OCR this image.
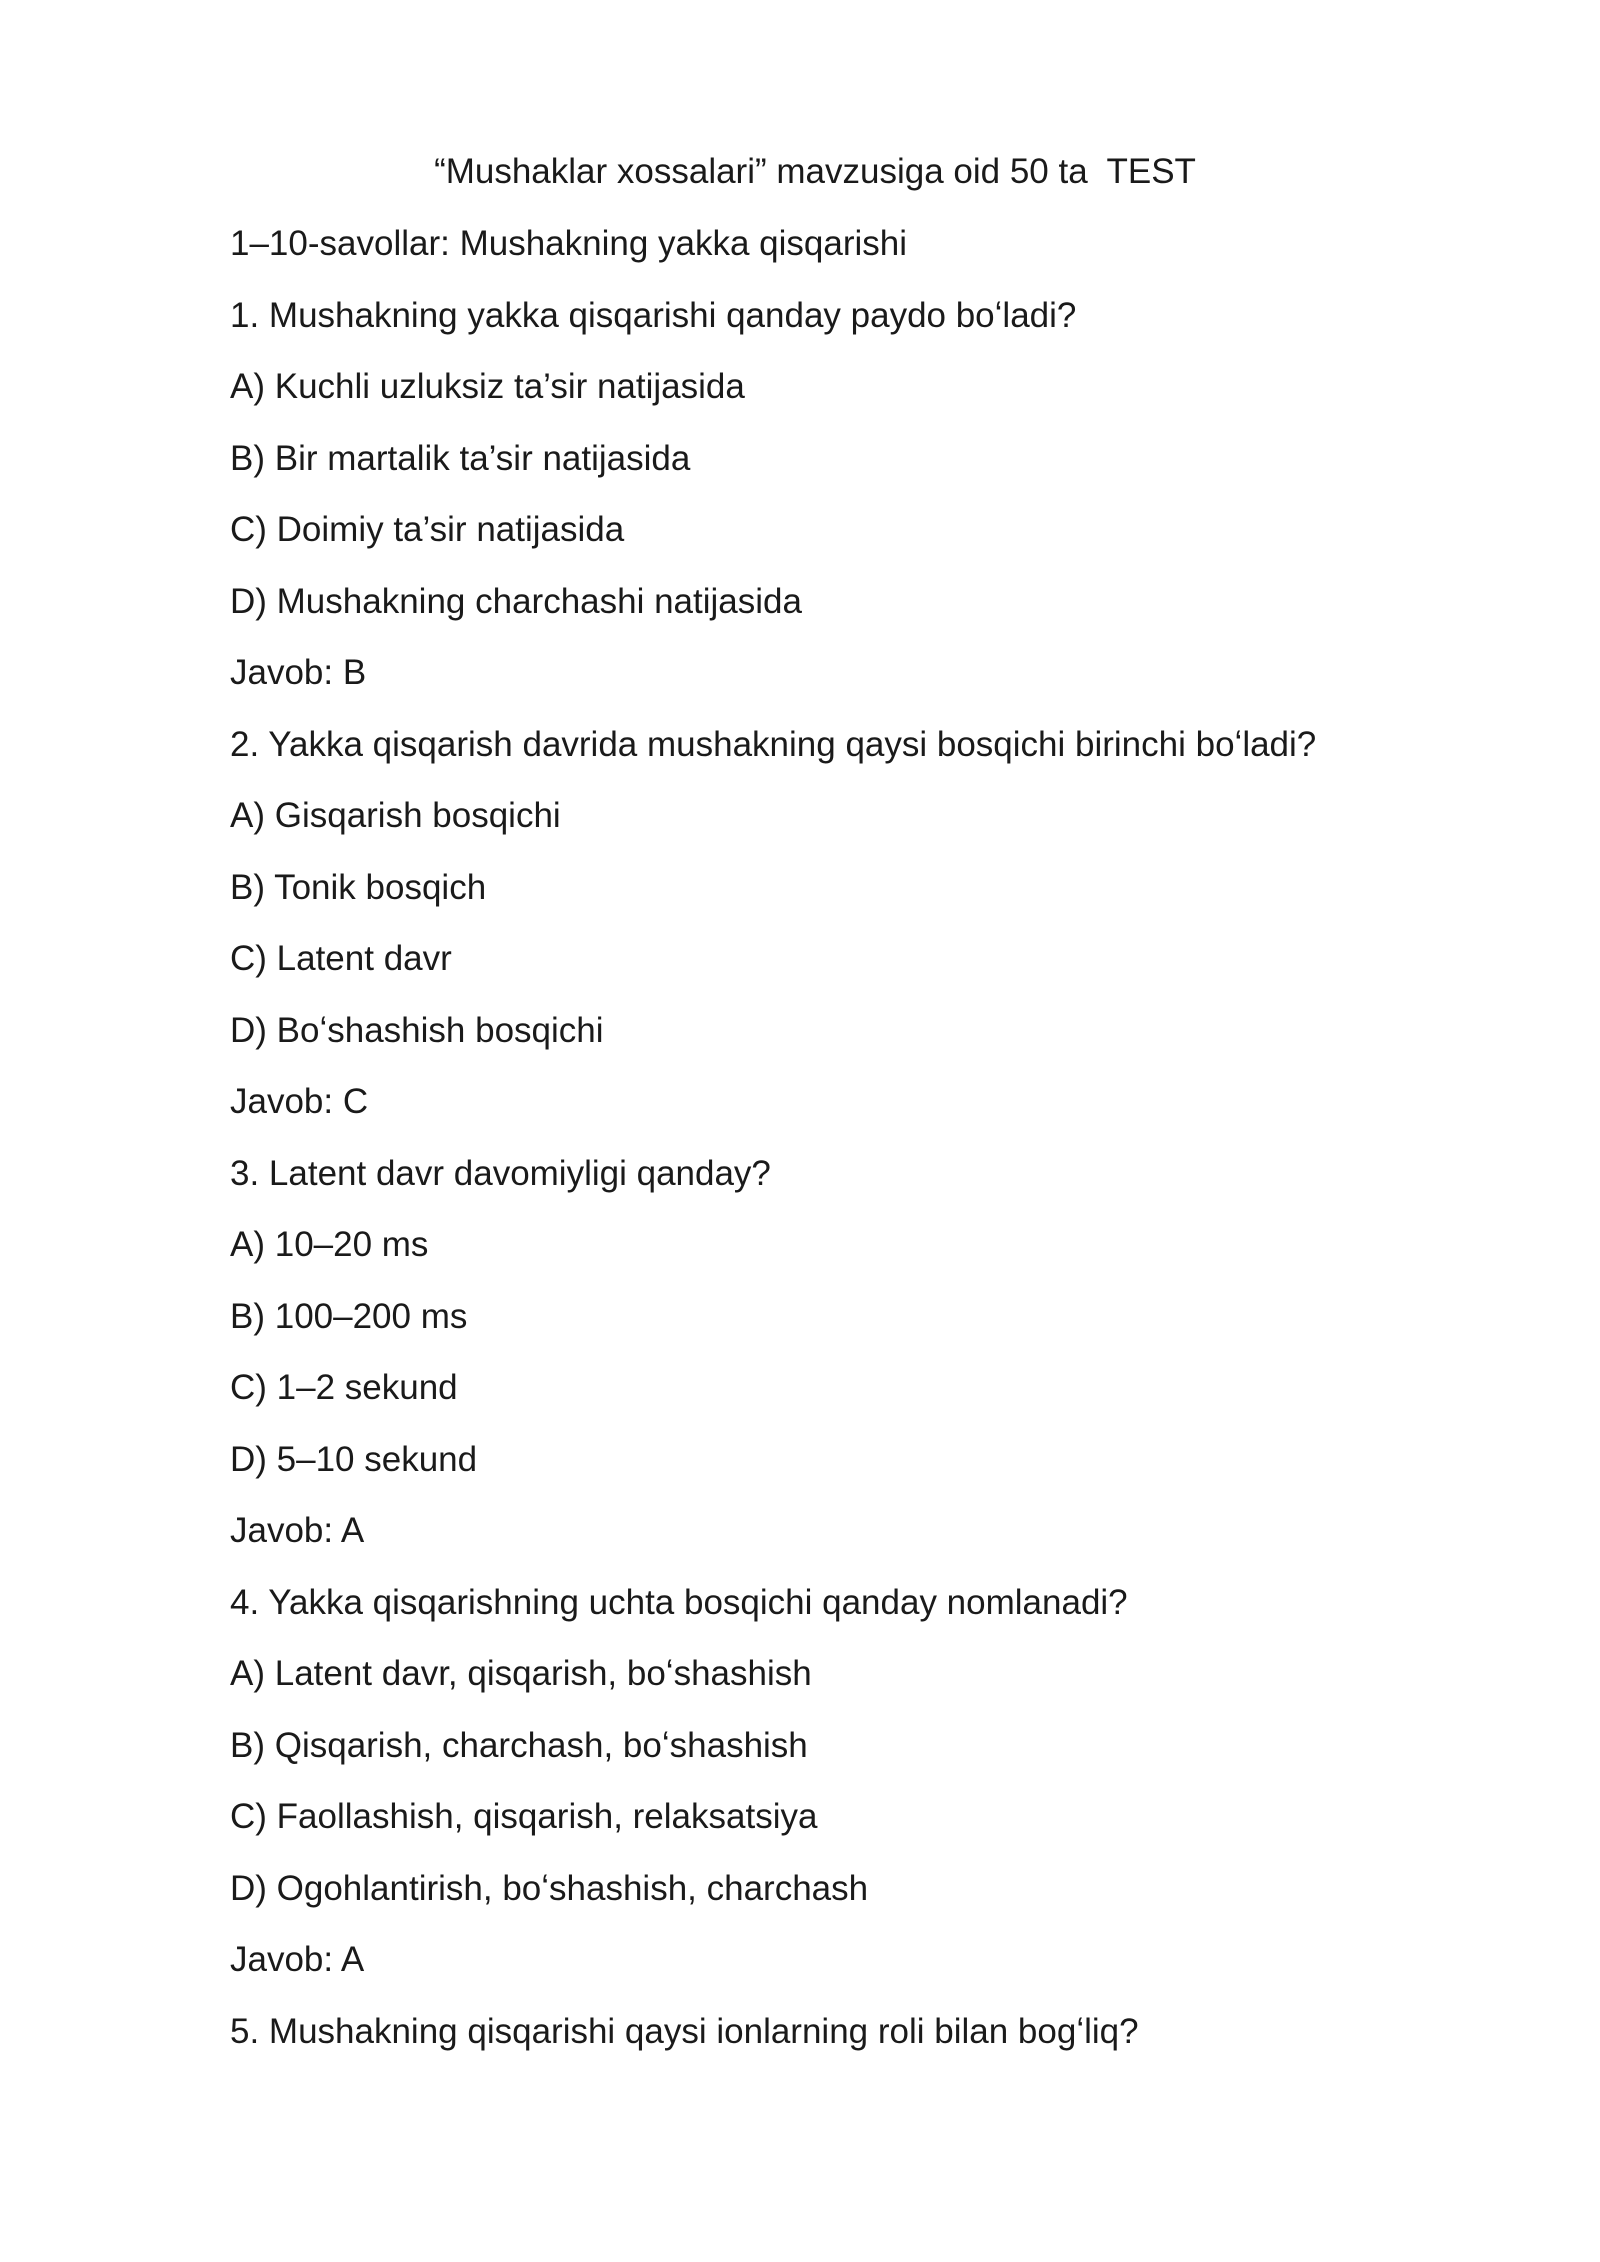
“Mushaklar xossalari” mavzusiga oid 50 ta  TEST
1–10-savollar: Mushakning yakka qisqarishi
1. Mushakning yakka qisqarishi qanday paydo boʻladi?
A) Kuchli uzluksiz ta’sir natijasida
B) Bir martalik ta’sir natijasida
C) Doimiy ta’sir natijasida
D) Mushakning charchashi natijasida
Javob: B
2. Yakka qisqarish davrida mushakning qaysi bosqichi birinchi boʻladi?
A) Gisqarish bosqichi
B) Tonik bosqich
C) Latent davr
D) Boʻshashish bosqichi
Javob: C
3. Latent davr davomiyligi qanday?
A) 10–20 ms
B) 100–200 ms
C) 1–2 sekund
D) 5–10 sekund
Javob: A
4. Yakka qisqarishning uchta bosqichi qanday nomlanadi?
A) Latent davr, qisqarish, boʻshashish
B) Qisqarish, charchash, boʻshashish
C) Faollashish, qisqarish, relaksatsiya
D) Ogohlantirish, boʻshashish, charchash
Javob: A
5. Mushakning qisqarishi qaysi ionlarning roli bilan bogʻliq?
